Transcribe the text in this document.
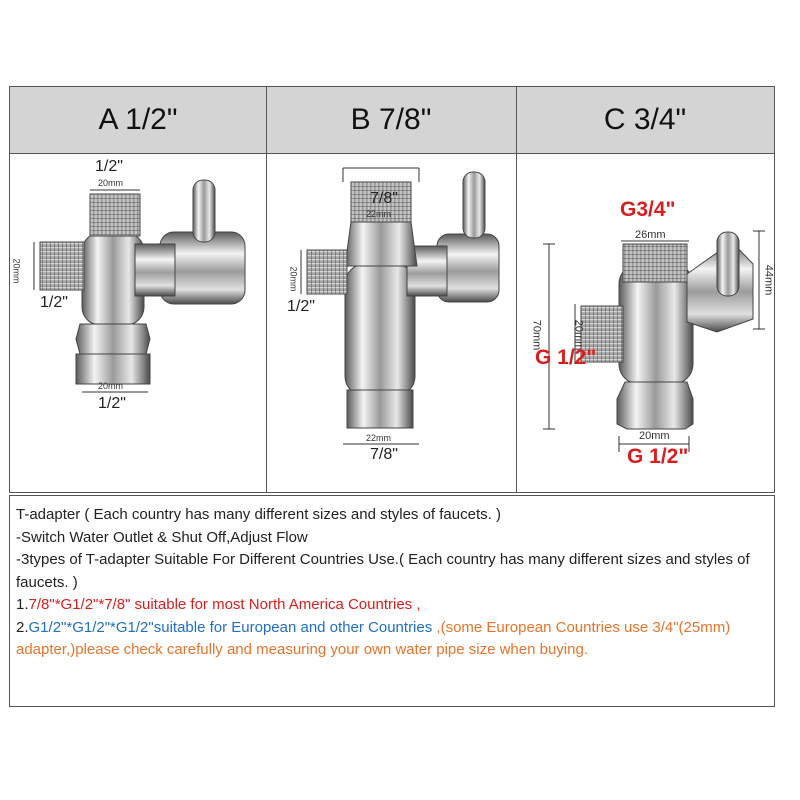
A 1/2"	B 7/8"	C 3/4"
1/2"
20mm
20mm
1/2"
20mm
1/2"
7/8"
22mm
20mm
1/2"
22mm
7/8"
G3/4"
26mm
44mm
70mm	20mm
G 1/2"
20mm
G 1/2"
T-adapter ( Each country has many different sizes and styles of faucets. )
-Switch Water Outlet & Shut Off,Adjust Flow
-3types of T-adapter Suitable For Different Countries Use.( Each country has many different sizes and styles of faucets. )
1.7/8"*G1/2"*7/8" suitable for most North America Countries ,
2.G1/2"*G1/2"*G1/2"suitable for European and other Countries ,(some European Countries use 3/4"(25mm) adapter,)please check carefully and measuring your own water pipe size when buying.
